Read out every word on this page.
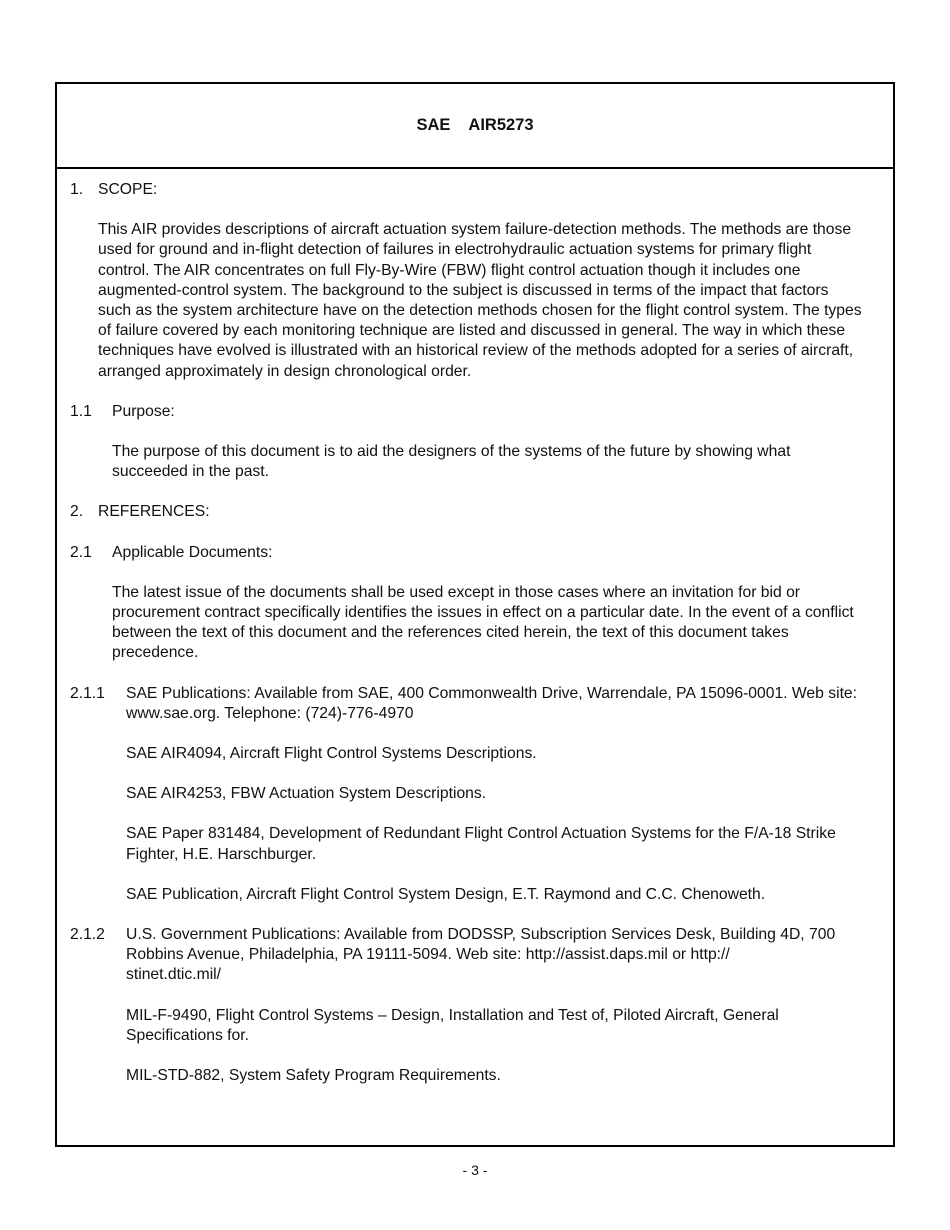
SAE AIR5273
1. SCOPE:

This AIR provides descriptions of aircraft actuation system failure-detection methods. The methods are those used for ground and in-flight detection of failures in electrohydraulic actuation systems for primary flight control. The AIR concentrates on full Fly-By-Wire (FBW) flight control actuation though it includes one augmented-control system. The background to the subject is discussed in terms of the impact that factors such as the system architecture have on the detection methods chosen for the flight control system. The types of failure covered by each monitoring technique are listed and discussed in general. The way in which these techniques have evolved is illustrated with an historical review of the methods adopted for a series of aircraft, arranged approximately in design chronological order.

1.1	Purpose:

The purpose of this document is to aid the designers of the systems of the future by showing what succeeded in the past.

2. REFERENCES:
2.1	Applicable Documents:

The latest issue of the documents shall be used except in those cases where an invitation for bid or procurement contract specifically identifies the issues in effect on a particular date. In the event of a conflict between the text of this document and the references cited herein, the text of this document takes precedence.

2.1.1	SAE Publications: Available from SAE, 400 Commonwealth Drive, Warrendale, PA 15096-0001. Web site: www.sae.org. Telephone: (724)-776-4970

SAE AIR4094, Aircraft Flight Control Systems Descriptions.

SAE AIR4253, FBW Actuation System Descriptions.

SAE Paper 831484, Development of Redundant Flight Control Actuation Systems for the F/A-18 Strike Fighter, H.E. Harschburger.

SAE Publication, Aircraft Flight Control System Design, E.T. Raymond and C.C. Chenoweth.

2.1.2	U.S. Government Publications: Available from DODSSP, Subscription Services Desk, Building 4D, 700 Robbins Avenue, Philadelphia, PA 19111-5094. Web site: http://assist.daps.mil or http://
stinet.dtic.mil/

MIL-F-9490, Flight Control Systems – Design, Installation and Test of, Piloted Aircraft, General Specifications for.

MIL-STD-882, System Safety Program Requirements.

- 3 -
